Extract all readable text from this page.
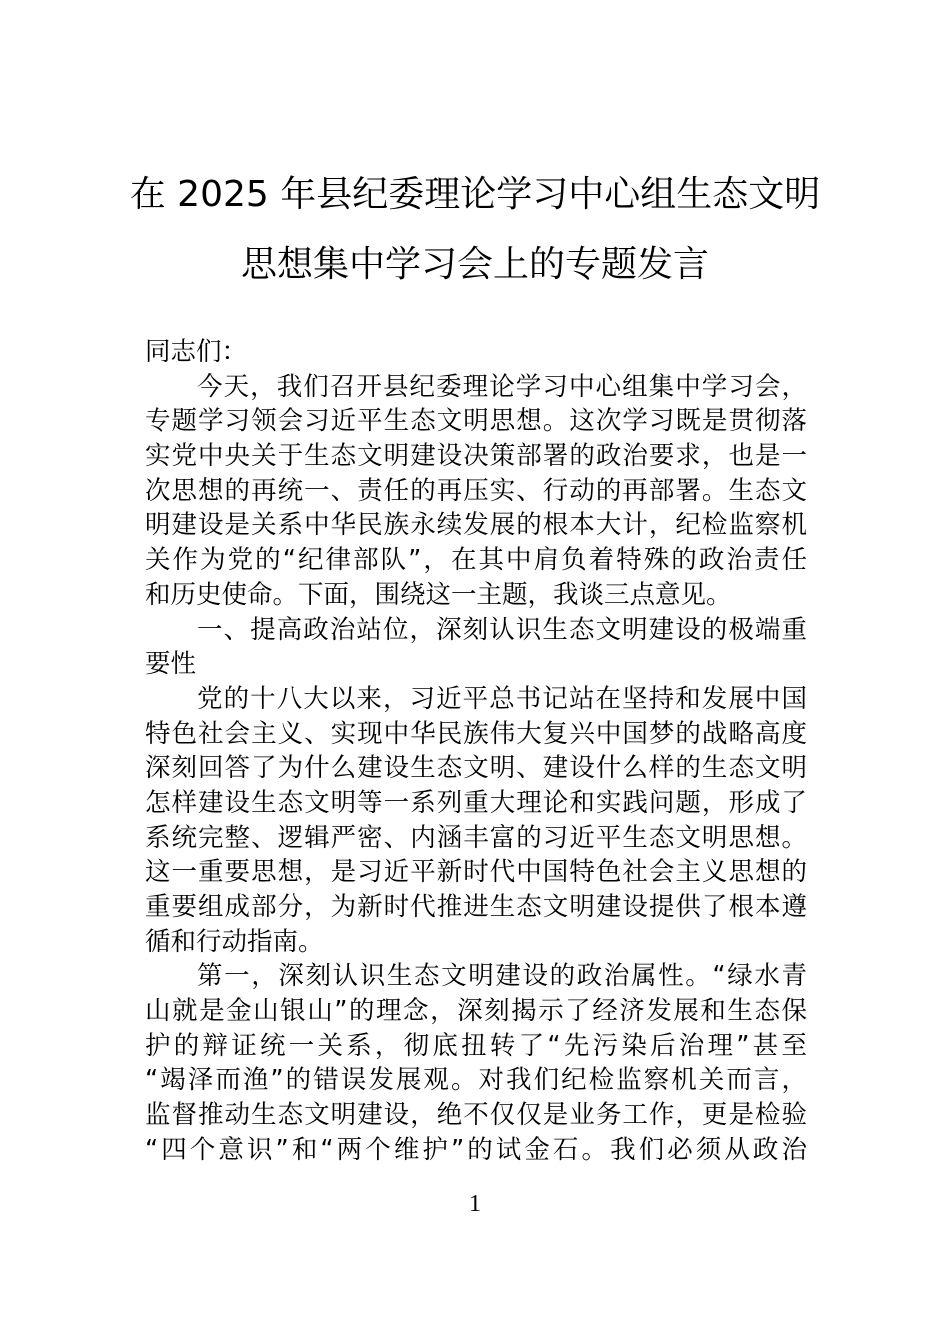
在 2025 年县纪委理论学习中心组生态文明
思想集中学习会上的专题发言
同志们：
今天，我们召开县纪委理论学习中心组集中学习会，
专题学习领会习近平生态文明思想。这次学习既是贯彻落
实党中央关于生态文明建设决策部署的政治要求，也是一
次思想的再统一、责任的再压实、行动的再部署。生态文
明建设是关系中华民族永续发展的根本大计，纪检监察机
关作为党的“纪律部队”，在其中肩负着特殊的政治责任
和历史使命。下面，围绕这一主题，我谈三点意见。
一、提高政治站位，深刻认识生态文明建设的极端重
要性
党的十八大以来，习近平总书记站在坚持和发展中国
特色社会主义、实现中华民族伟大复兴中国梦的战略高度
深刻回答了为什么建设生态文明、建设什么样的生态文明
怎样建设生态文明等一系列重大理论和实践问题，形成了
系统完整、逻辑严密、内涵丰富的习近平生态文明思想。
这一重要思想，是习近平新时代中国特色社会主义思想的
重要组成部分，为新时代推进生态文明建设提供了根本遵
循和行动指南。
第一，深刻认识生态文明建设的政治属性。“绿水青
山就是金山银山”的理念，深刻揭示了经济发展和生态保
护的辩证统一关系，彻底扭转了“先污染后治理”甚至
“竭泽而渔”的错误发展观。对我们纪检监察机关而言，
监督推动生态文明建设，绝不仅仅是业务工作，更是检验
“四个意识”和“两个维护”的试金石。我们必须从政治
1
